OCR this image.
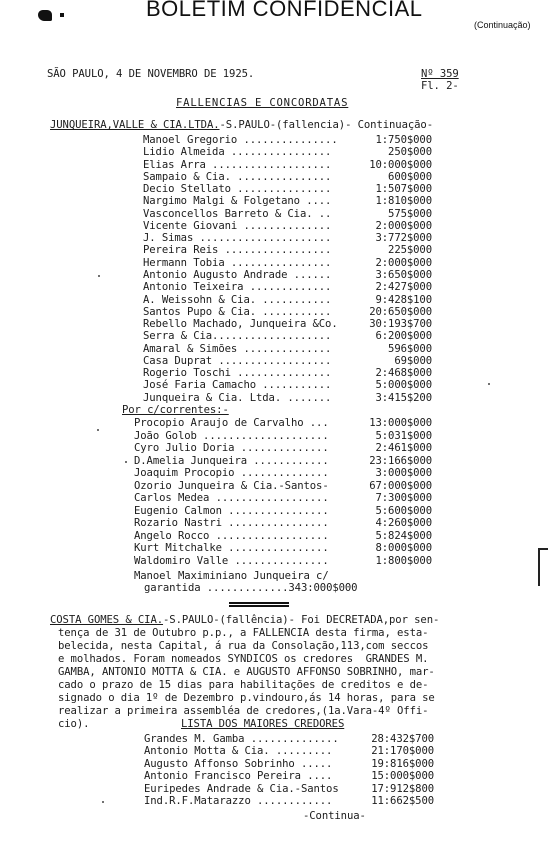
BOLETIM CONFIDENCIAL
(Continuação)
SÃO PAULO, 4 DE NOVEMBRO DE 1925.	Nº 359
Fl. 2-
FALLENCIAS E CONCORDATAS
JUNQUEIRA,VALLE & CIA.LTDA.-S.PAULO-(fallencia)- Continuação-
Manoel Gregorio ...............	1:750$000
Lidio Almeida ................	250$000
Elias Arra ...................	10:000$000
Sampaio & Cia. ...............	600$000
Decio Stellato ...............	1:507$000
Nargimo Malgi & Folgetano ....	1:810$000
Vasconcellos Barreto & Cia. ..	575$000
Vicente Giovani ..............	2:000$000
J. Simas .....................	3:772$000
Pereira Reis .................	225$000
Hermann Tobia ................	2:000$000
Antonio Augusto Andrade ......	3:650$000
Antonio Teixeira .............	2:427$000
A. Weissohn & Cia. ...........	9:428$100
Santos Pupo & Cia. ...........	20:650$000
Rebello Machado, Junqueira &Co.	30:193$700
Serra & Cia...................	6:200$000
Amaral & Simões ..............	596$000
Casa Duprat ..................	69$000
Rogerio Toschi ...............	2:468$000
José Faria Camacho ...........	5:000$000
Junqueira & Cia. Ltda. .......	3:415$200
Por c/correntes:-
Procopio Araujo de Carvalho ...	13:000$000
João Golob ....................	5:031$000
Cyro Julio Doria ..............	2:461$000
D.Amelia Junqueira ............	23:166$000
Joaquim Procopio ..............	3:000$000
Ozorio Junqueira & Cia.-Santos-	67:000$000
Carlos Medea ..................	7:300$000
Eugenio Calmon ................	5:600$000
Rozario Nastri ................	4:260$000
Angelo Rocco ..................	5:824$000
Kurt Mitchalke ................	8:000$000
Waldomiro Valle ...............	1:800$000
Manoel Maximiniano Junqueira c/
garantida .............343:000$000
COSTA GOMES & CIA.-S.PAULO-(fallência)- Foi DECRETADA,por sen-
tença de 31 de Outubro p.p., a FALLENCIA desta firma, esta-
belecida, nesta Capital, á rua da Consolação,113,com seccos
e molhados. Foram nomeados SYNDICOS os credores  GRANDES M.
GAMBA, ANTONIO MOTTA & CIA. e AUGUSTO AFFONSO SOBRINHO, mar-
cado o prazo de 15 dias para habilitações de creditos e de-
signado o dia 1º de Dezembro p.vindouro,ás 14 horas, para se
realizar a primeira assembléa de credores,(1a.Vara-4º Offi-
cio).	LISTA DOS MAIORES CREDORES
Grandes M. Gamba ..............	28:432$700
Antonio Motta & Cia. .........	21:170$000
Augusto Affonso Sobrinho .....	19:816$000
Antonio Francisco Pereira ....	15:000$000
Euripedes Andrade & Cia.-Santos	17:912$800
Ind.R.F.Matarazzo ............	11:662$500
-Continua-
